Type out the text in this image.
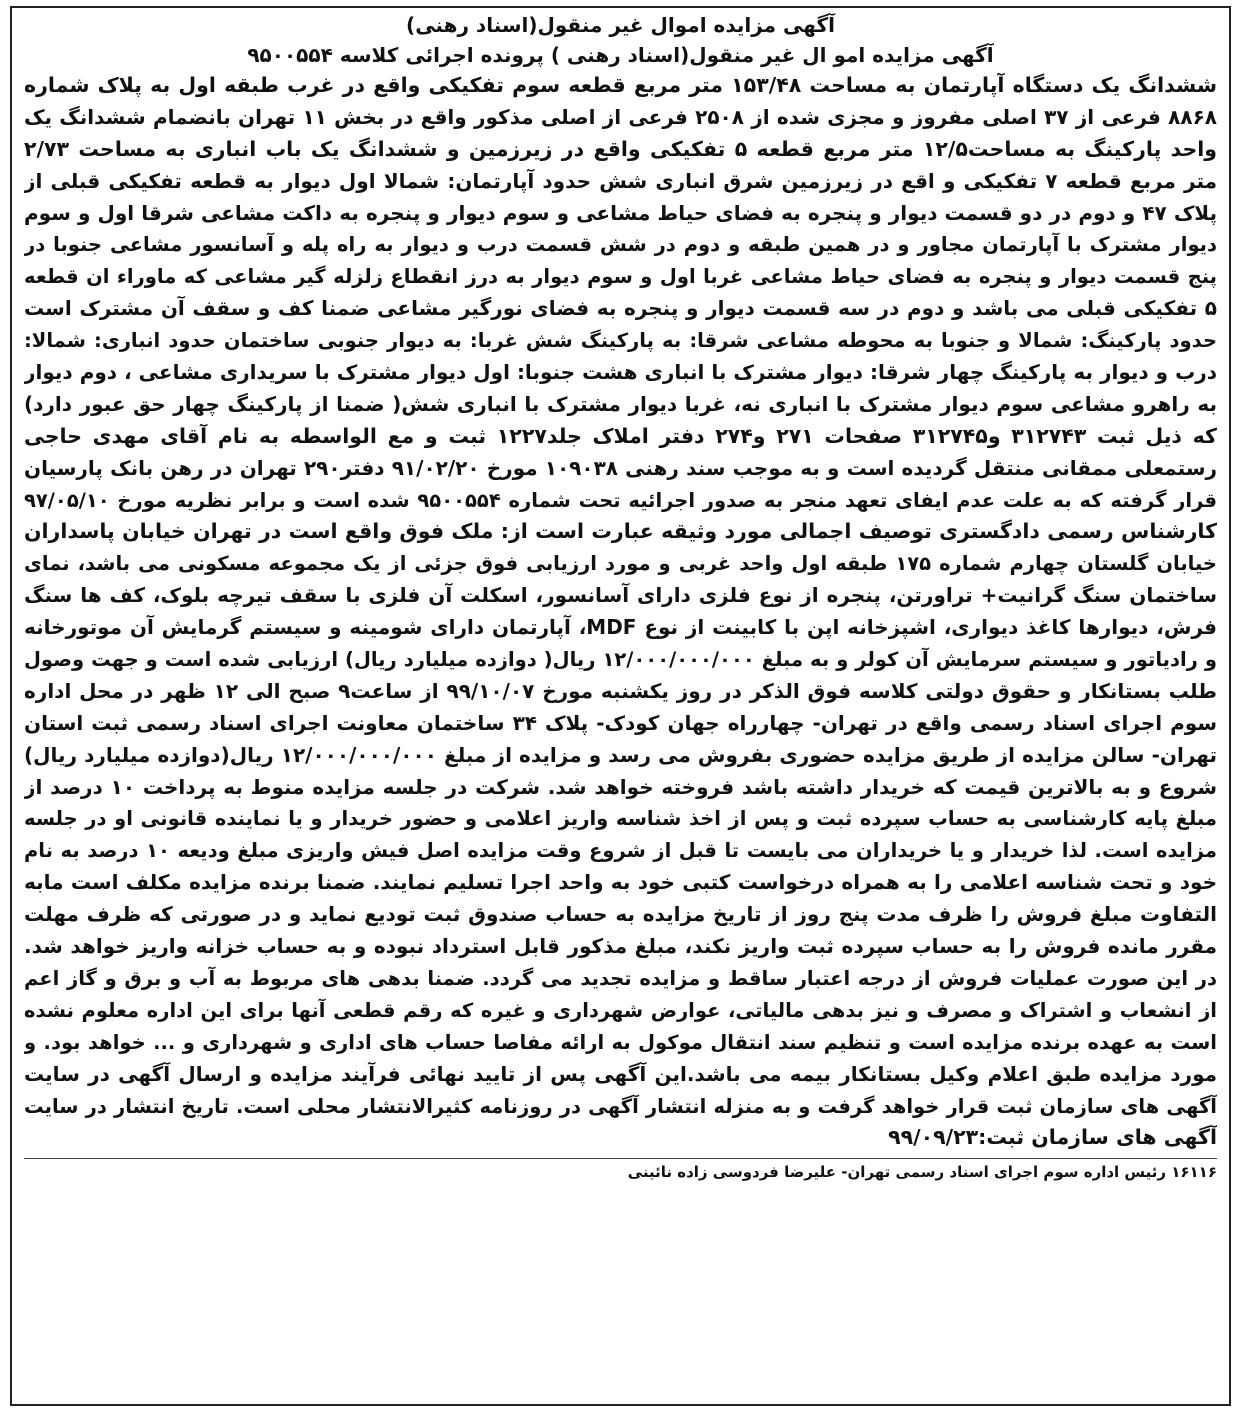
آگهی مزایده اموال غیر منقول(اسناد رهنی)
آگهی مزایده امو ال غیر منقول(اسناد رهنی ) پرونده اجرائی کلاسه ۹۵۰۰۵۵۴
ششدانگ یک دستگاه آپارتمان به مساحت ۱۵۳/۴۸ متر مربع قطعه سوم تفکیکی واقع در غرب طبقه اول به پلاک شماره
۸۸۶۸ فرعی از ۳۷ اصلی مفروز و مجزی شده از ۲۵۰۸ فرعی از اصلی مذکور واقع در بخش ۱۱ تهران بانضمام ششدانگ یک
واحد پارکینگ به مساحت۱۲/۵ متر مربع قطعه ۵ تفکیکی واقع در زیرزمین و ششدانگ یک باب انباری به مساحت ۲/۷۳
متر مربع قطعه ۷ تفکیکی و اقع در زیرزمین شرق انباری شش حدود آپارتمان: شمالا اول دیوار به قطعه تفکیکی قبلی از
پلاک ۴۷ و دوم در دو قسمت دیوار و پنجره به فضای حیاط مشاعی و سوم دیوار و پنجره به داکت مشاعی شرقا اول و سوم
دیوار مشترک با آپارتمان مجاور و در همین طبقه و دوم در شش قسمت درب و دیوار به راه پله و آسانسور مشاعی جنوبا در
پنج قسمت دیوار و پنجره به فضای حیاط مشاعی غربا اول و سوم دیوار به درز انقطاع زلزله گیر مشاعی که ماوراء ان قطعه
۵ تفکیکی قبلی می باشد و دوم در سه قسمت دیوار و پنجره به فضای نورگیر مشاعی ضمنا کف و سقف آن مشترک است
حدود پارکینگ: شمالا و جنوبا به محوطه مشاعی شرقا: به پارکینگ شش غربا: به دیوار جنوبی ساختمان حدود انباری: شمالا:
درب و دیوار به پارکینگ چهار شرقا: دیوار مشترک با انباری هشت جنوبا: اول دیوار مشترک با سریداری مشاعی ، دوم دیوار
به راهرو مشاعی سوم دیوار مشترک با انباری نه، غربا دیوار مشترک با انباری شش( ضمنا از پارکینگ چهار حق عبور دارد)
که ذیل ثبت ۳۱۲۷۴۳ و۳۱۲۷۴۵ صفحات ۲۷۱ و۲۷۴ دفتر املاک جلد۱۲۲۷ ثبت و مع الواسطه به نام آقای مهدی حاجی
رستمعلی ممقانی منتقل گردیده است و به موجب سند رهنی ۱۰۹۰۳۸ مورخ ۹۱/۰۲/۲۰ دفتر۲۹۰ تهران در رهن بانک پارسیان
قرار گرفته که به علت عدم ایفای تعهد منجر به صدور اجرائیه تحت شماره ۹۵۰۰۵۵۴ شده است و برابر نظریه مورخ ۹۷/۰۵/۱۰
کارشناس رسمی دادگستری توصیف اجمالی مورد وثیقه عبارت است از: ملک فوق واقع است در تهران خیابان پاسداران
خیابان گلستان چهارم شماره ۱۷۵ طبقه اول واحد غربی و مورد ارزیابی فوق جزئی از یک مجموعه مسکونی می باشد، نمای
ساختمان سنگ گرانیت+ تراورتن، پنجره از نوع فلزی دارای آسانسور، اسکلت آن فلزی با سقف تیرچه بلوک، کف ها سنگ
فرش، دیوارها کاغذ دیواری، اشپزخانه اپن با کابینت از نوع MDF، آپارتمان دارای شومینه و سیستم گرمایش آن موتورخانه
و رادیاتور و سیستم سرمایش آن کولر و به مبلغ ۱۲/۰۰۰/۰۰۰/۰۰۰ ریال( دوازده میلیارد ریال) ارزیابی شده است و جهت وصول
طلب بستانکار و حقوق دولتی کلاسه فوق الذکر در روز یکشنبه مورخ ۹۹/۱۰/۰۷ از ساعت۹ صبح الی ۱۲ ظهر در محل اداره
سوم اجرای اسناد رسمی واقع در تهران- چهارراه جهان کودک- پلاک ۳۴ ساختمان معاونت اجرای اسناد رسمی ثبت استان
تهران- سالن مزایده از طریق مزایده حضوری بفروش می رسد و مزایده از مبلغ ۱۲/۰۰۰/۰۰۰/۰۰۰ ریال(دوازده میلیارد ریال)
شروع و به بالاترین قیمت که خریدار داشته باشد فروخته خواهد شد. شرکت در جلسه مزایده منوط به پرداخت ۱۰ درصد از
مبلغ پایه کارشناسی به حساب سپرده ثبت و پس از اخذ شناسه واریز اعلامی و حضور خریدار و یا نماینده قانونی او در جلسه
مزایده است. لذا خریدار و یا خریداران می بایست تا قبل از شروع وقت مزایده اصل فیش واریزی مبلغ ودیعه ۱۰ درصد به نام
خود و تحت شناسه اعلامی را به همراه درخواست کتبی خود به واحد اجرا تسلیم نمایند. ضمنا برنده مزایده مکلف است مابه
التفاوت مبلغ فروش را ظرف مدت پنج روز از تاریخ مزایده به حساب صندوق ثبت تودیع نماید و در صورتی که ظرف مهلت
مقرر مانده فروش را به حساب سپرده ثبت واریز نکند، مبلغ مذکور قابل استرداد نبوده و به حساب خزانه واریز خواهد شد.
در این صورت عملیات فروش از درجه اعتبار ساقط و مزایده تجدید می گردد. ضمنا بدهی های مربوط به آب و برق و گاز اعم
از انشعاب و اشتراک و مصرف و نیز بدهی مالیاتی، عوارض شهرداری و غیره که رقم قطعی آنها برای این اداره معلوم نشده
است به عهده برنده مزایده است و تنظیم سند انتقال موکول به ارائه مفاصا حساب های اداری و شهرداری و ... خواهد بود. و
مورد مزایده طبق اعلام وکیل بستانکار بیمه می باشد.این آگهی پس از تایید نهائی فرآیند مزایده و ارسال آگهی در سایت
آگهی های سازمان ثبت قرار خواهد گرفت و به منزله انتشار آگهی در روزنامه کثیرالانتشار محلی است. تاریخ انتشار در سایت
آگهی های سازمان ثبت:۹۹/۰۹/۲۳
۱۶۱۱۶ رئیس اداره سوم اجرای اسناد رسمی تهران- علیرضا فردوسی زاده نائینی
